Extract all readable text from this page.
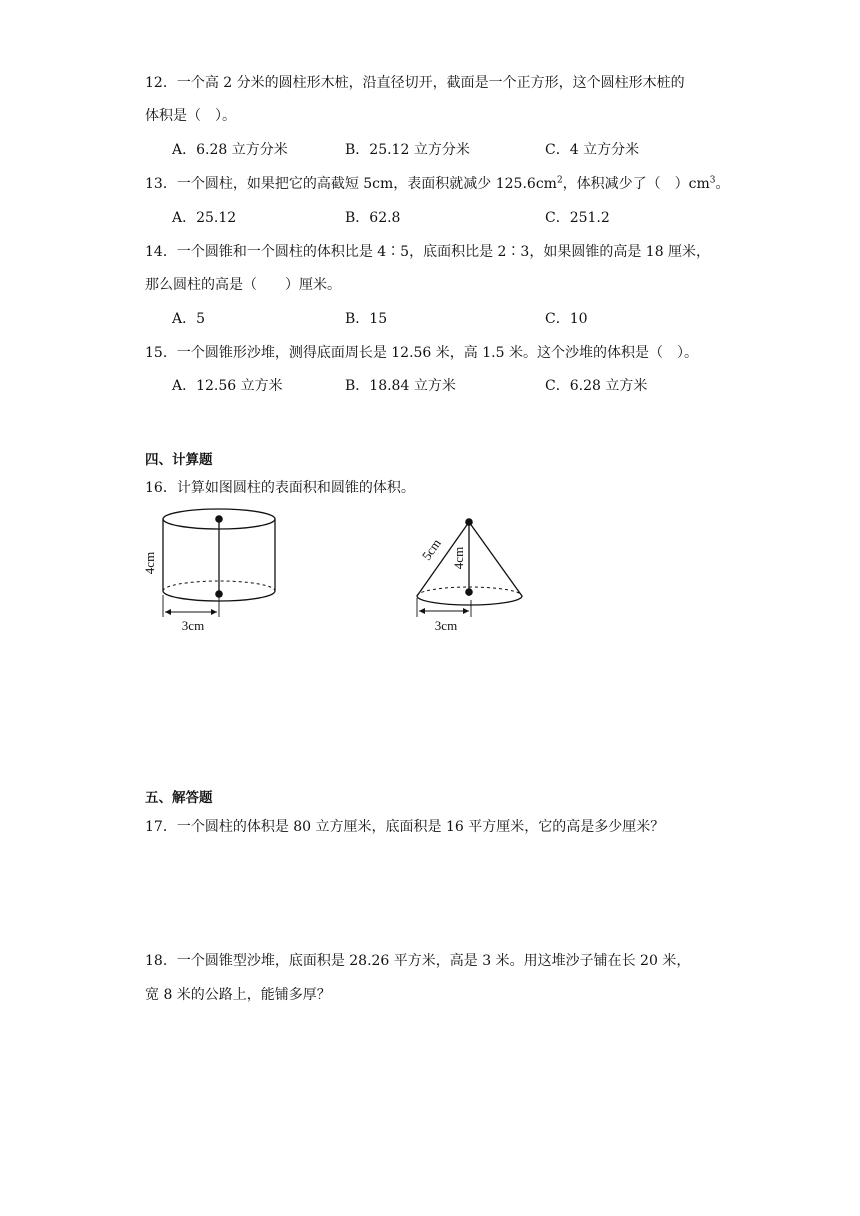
12．一个高 2 分米的圆柱形木桩，沿直径切开，截面是一个正方形，这个圆柱形木桩的
体积是（　）。
A．6.28 立方分米	B．25.12 立方分米	C．4 立方分米
13．一个圆柱，如果把它的高截短 5cm，表面积就减少 $125.6cm^2$，体积减少了（　）$cm^3$。
A．25.12	B．62.8	C．251.2
14．一个圆锥和一个圆柱的体积比是 4∶5，底面积比是 2∶3，如果圆锥的高是 18 厘米，
那么圆柱的高是（　　）厘米。
A．5	B．15	C．10
15．一个圆锥形沙堆，测得底面周长是 12.56 米，高 1.5 米。这个沙堆的体积是（　）。
A．12.56 立方米	B．18.84 立方米	C．6.28 立方米
四、计算题
16．计算如图圆柱的表面积和圆锥的体积。
4cm
3cm
5cm 4cm
3cm
五、解答题
17．一个圆柱的体积是 80 立方厘米，底面积是 16 平方厘米，它的高是多少厘米？
18．一个圆锥型沙堆，底面积是 28.26 平方米，高是 3 米。用这堆沙子铺在长 20 米，
宽 8 米的公路上，能铺多厚？
